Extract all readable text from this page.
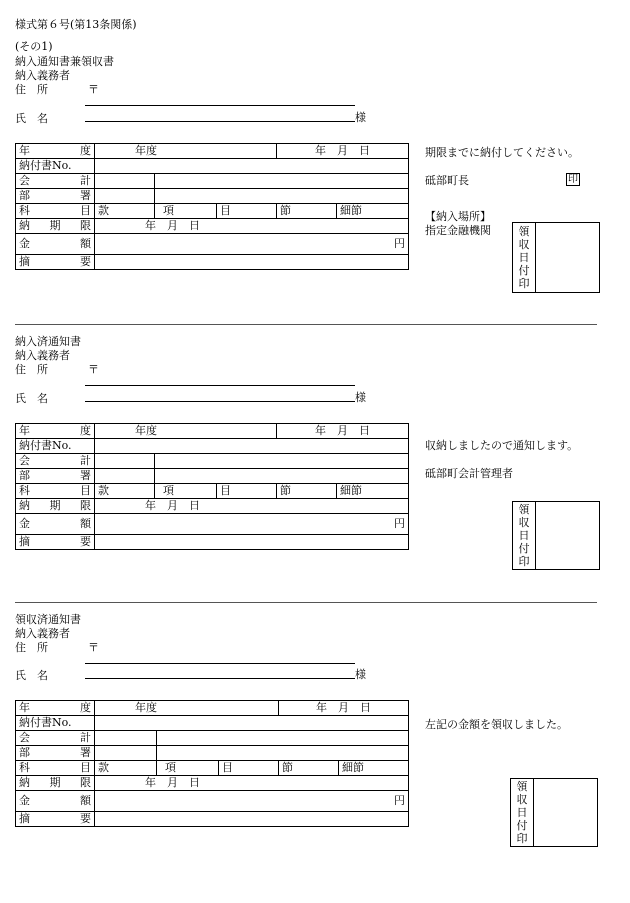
様式第６号(第13条関係)
(その1)
納入通知書兼領収書
納入義務者
住　所	〒
氏　名	様
年 度	年度			年　月　日	
納付書No.					

会 計					

部 署					

科 目	款	項	目	節	細節

納 期 限	年　月　日				

金 額	円				

摘 要					

期限までに納付してください。
砥部町長	印
【納入場所】
指定金融機関	領
収
日
付
印
納入済通知書
納入義務者
住　所	〒
氏　名	様
年 度	年度			年　月　日	
納付書No.					

会 計					

部 署					

科 目	款	項	目	節	細節

納 期 限	年　月　日				

金 額	円				

摘 要					

収納しましたので通知します。
砥部町会計管理者
領
収
日
付
印
領収済通知書
納入義務者
住　所	〒
氏　名	様
年 度	年度			年　月　日	
納付書No.					

会 計					

部 署					

科 目	款	項	目	節	細節

納 期 限	年　月　日				

金 額	円				

摘 要					

左記の金額を領収しました。
領
収
日
付
印
